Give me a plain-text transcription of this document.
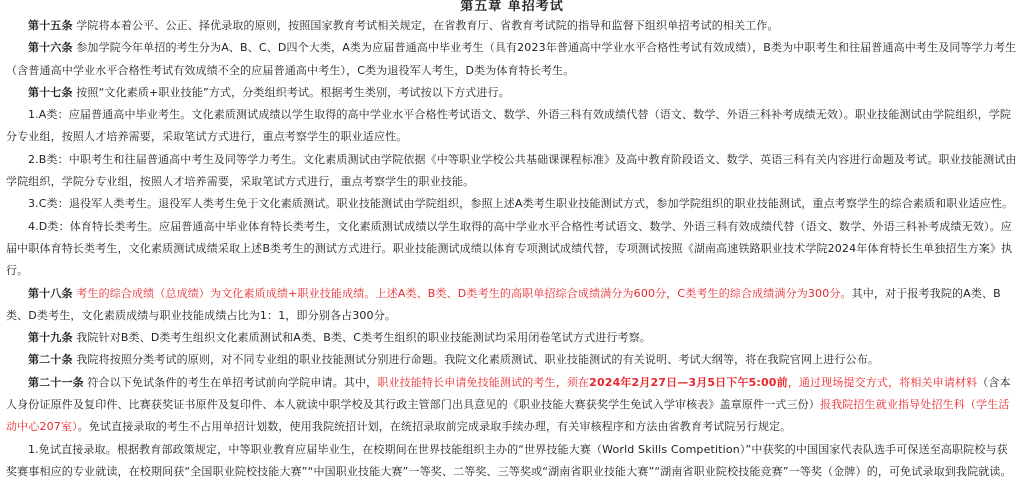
第五章 单招考试

第十五条 学院将本着公平、公正、择优录取的原则，按照国家教育考试相关规定，在省教育厅、省教育考试院的指导和监督下组织单招考试的相关工作。

第十六条 参加学院今年单招的考生分为A、B、C、D四个大类，A类为应届普通高中毕业考生（具有2023年普通高中学业水平合格性考试有效成绩），B类为中职考生和往届普通高中考生及同等学力考生（含普通高中学业水平合格性考试有效成绩不全的应届普通高中考生），C类为退役军人考生，D类为体育特长考生。

第十七条 按照“文化素质+职业技能”方式，分类组织考试。根据考生类别，考试按以下方式进行。

1.A类：应届普通高中毕业考生。文化素质测试成绩以学生取得的高中学业水平合格性考试语文、数学、外语三科有效成绩代替（语文、数学、外语三科补考成绩无效）。职业技能测试由学院组织，学院分专业组，按照人才培养需要，采取笔试方式进行，重点考察学生的职业适应性。

2.B类：中职考生和往届普通高中考生及同等学力考生。文化素质测试由学院依据《中等职业学校公共基础课课程标准》及高中教育阶段语文、数学、英语三科有关内容进行命题及考试。职业技能测试由学院组织，学院分专业组，按照人才培养需要，采取笔试方式进行，重点考察学生的职业技能。

3.C类：退役军人类考生。退役军人类考生免于文化素质测试。职业技能测试由学院组织，参照上述A类考生职业技能测试方式，参加学院组织的职业技能测试，重点考察学生的综合素质和职业适应性。

4.D类：体育特长类考生。应届普通高中毕业体育特长类考生，文化素质测试成绩以学生取得的高中学业水平合格性考试语文、数学、外语三科有效成绩代替（语文、数学、外语三科补考成绩无效）。应届中职体育特长类考生，文化素质测试成绩采取上述B类考生的测试方式进行。职业技能测试成绩以体育专项测试成绩代替，专项测试按照《湖南高速铁路职业技术学院2024年体育特长生单独招生方案》执行。

第十八条 考生的综合成绩（总成绩）为文化素质成绩+职业技能成绩。上述A类、B类、D类考生的高职单招综合成绩满分为600分，C类考生的综合成绩满分为300分。其中，对于报考我院的A类、B类、D类考生，文化素质成绩与职业技能成绩占比为1：1，即分别各占300分。

第十九条 我院针对B类、D类考生组织文化素质测试和A类、B类、C类考生组织的职业技能测试均采用闭卷笔试方式进行考察。

第二十条 我院将按照分类考试的原则，对不同专业组的职业技能测试分别进行命题。我院文化素质测试、职业技能测试的有关说明、考试大纲等，将在我院官网上进行公布。

第二十一条 符合以下免试条件的考生在单招考试前向学院申请。其中，职业技能特长申请免技能测试的考生，须在2024年2月27日—3月5日下午5:00前，通过现场提交方式，将相关申请材料（含本人身份证原件及复印件、比赛获奖证书原件及复印件、本人就读中职学校及其行政主管部门出具意见的《职业技能大赛获奖学生免试入学审核表》盖章原件一式三份）报我院招生就业指导处招生科（学生活动中心207室）。免试直接录取的考生不占用单招计划数，使用我院统招计划，在统招录取前完成录取手续办理，有关审核程序和方法由省教育考试院另行规定。

1.免试直接录取。根据教育部政策规定，中等职业教育应届毕业生，在校期间在世界技能组织主办的“世界技能大赛（World Skills Competition）”中获奖的中国国家代表队选手可保送至高职院校与获奖赛事相应的专业就读，在校期间获“全国职业院校技能大赛”“中国职业技能大赛”一等奖、二等奖、三等奖或“湖南省职业技能大赛”“湖南省职业院校技能竞赛”一等奖（金牌）的，可免试录取到我院就读。
